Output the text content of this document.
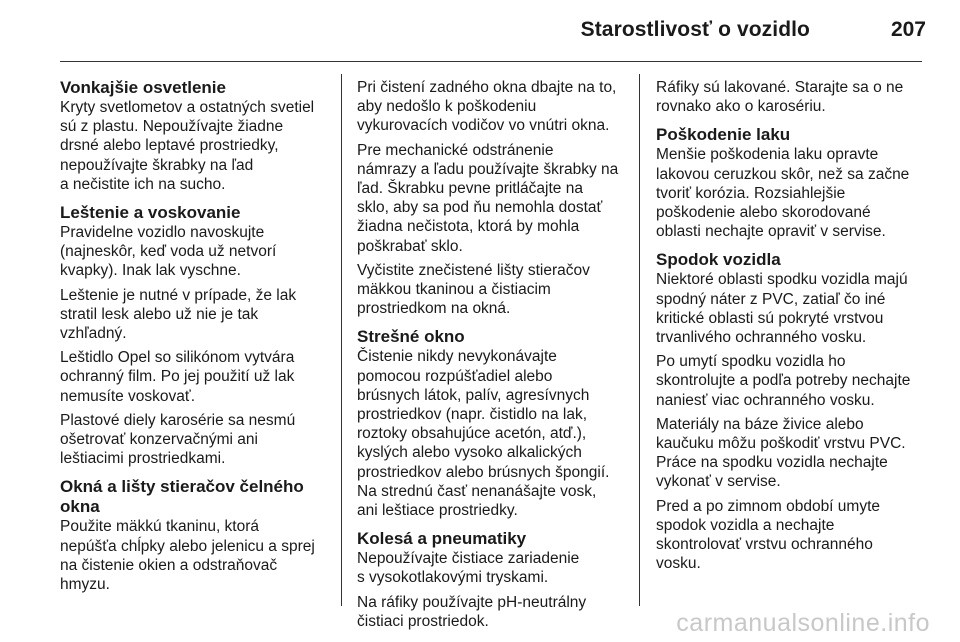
Starostlivosť o vozidlo	207
Vonkajšie osvetlenie

Kryty svetlometov a ostatných svetiel
sú z plastu. Nepoužívajte žiadne
drsné alebo leptavé prostriedky,
nepoužívajte škrabky na ľad
a nečistite ich na sucho.

Leštenie a voskovanie

Pravidelne vozidlo navoskujte
(najneskôr, keď voda už netvorí
kvapky). Inak lak vyschne.

Leštenie je nutné v prípade, že lak
stratil lesk alebo už nie je tak
vzhľadný.

Leštidlo Opel so silikónom vytvára
ochranný film. Po jej použití už lak
nemusíte voskovať.

Plastové diely karosérie sa nesmú
ošetrovať konzervačnými ani
leštiacimi prostriedkami.

Okná a lišty stieračov čelného
okna

Použite mäkkú tkaninu, ktorá
nepúšťa chĺpky alebo jelenicu a sprej
na čistenie okien a odstraňovač
hmyzu.

Pri čistení zadného okna dbajte na to,
aby nedošlo k poškodeniu
vykurovacích vodičov vo vnútri okna.

Pre mechanické odstránenie
námrazy a ľadu používajte škrabky na
ľad. Škrabku pevne pritláčajte na
sklo, aby sa pod ňu nemohla dostať
žiadna nečistota, ktorá by mohla
poškrabať sklo.

Vyčistite znečistené lišty stieračov
mäkkou tkaninou a čistiacim
prostriedkom na okná.

Strešné okno

Čistenie nikdy nevykonávajte
pomocou rozpúšťadiel alebo
brúsnych látok, palív, agresívnych
prostriedkov (napr. čistidlo na lak,
roztoky obsahujúce acetón, atď.),
kyslých alebo vysoko alkalických
prostriedkov alebo brúsnych špongií.
Na strednú časť nenanášajte vosk,
ani leštiace prostriedky.

Kolesá a pneumatiky

Nepoužívajte čistiace zariadenie
s vysokotlakovými tryskami.

Na ráfiky používajte pH-neutrálny
čistiaci prostriedok.

Ráfiky sú lakované. Starajte sa o ne
rovnako ako o karosériu.

Poškodenie laku

Menšie poškodenia laku opravte
lakovou ceruzkou skôr, než sa začne
tvoriť korózia. Rozsiahlejšie
poškodenie alebo skorodované
oblasti nechajte opraviť v servise.

Spodok vozidla

Niektoré oblasti spodku vozidla majú
spodný náter z PVC, zatiaľ čo iné
kritické oblasti sú pokryté vrstvou
trvanlivého ochranného vosku.

Po umytí spodku vozidla ho
skontrolujte a podľa potreby nechajte
naniesť viac ochranného vosku.

Materiály na báze živice alebo
kaučuku môžu poškodiť vrstvu PVC.
Práce na spodku vozidla nechajte
vykonať v servise.

Pred a po zimnom období umyte
spodok vozidla a nechajte
skontrolovať vrstvu ochranného
vosku.

carmanualsonline.info
